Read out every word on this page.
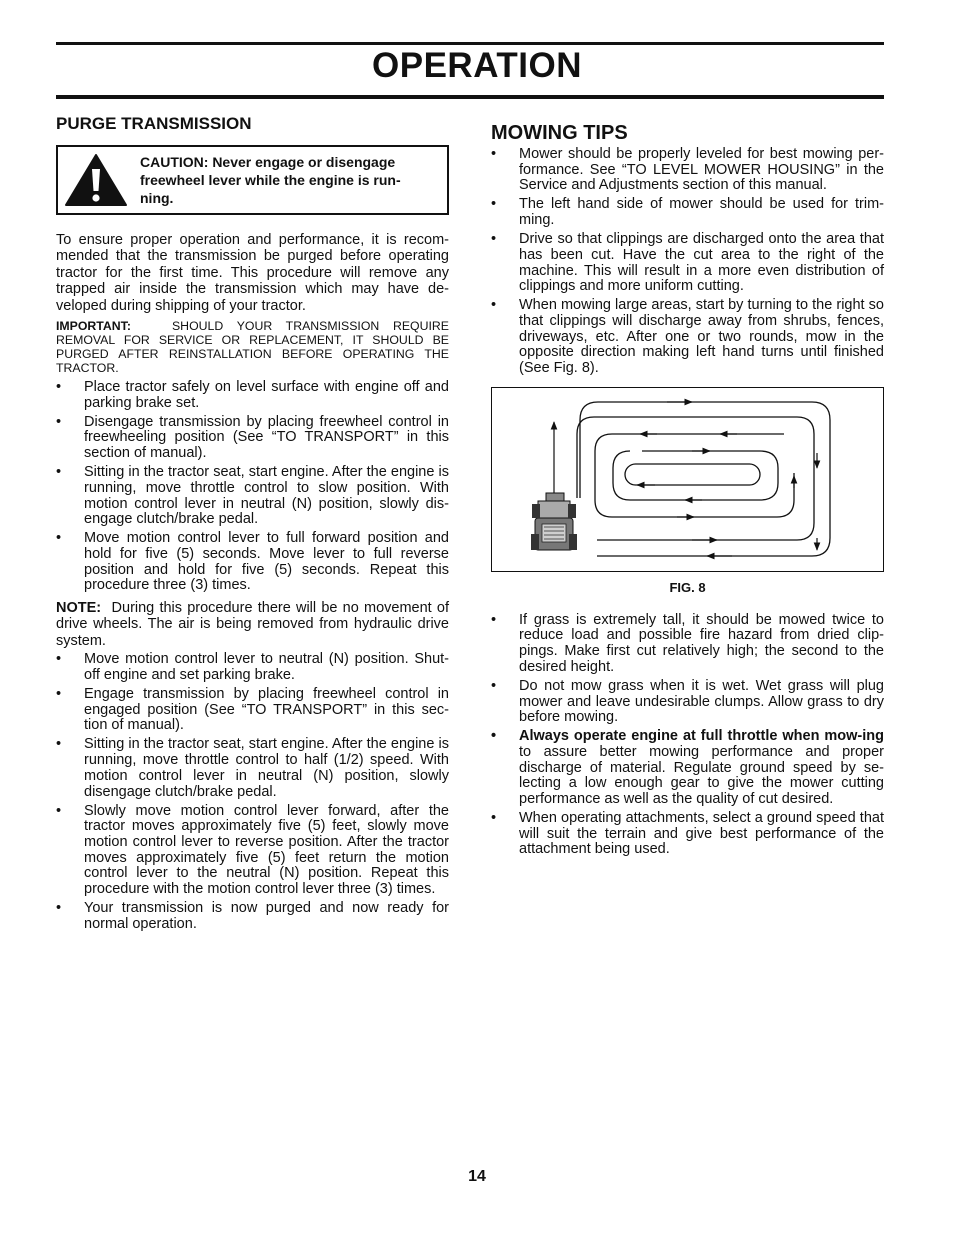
OPERATION
PURGE TRANSMISSION
CAUTION: Never engage or disengage freewheel lever while the engine is run-ning.

To ensure proper operation and performance, it is recom-mended that the transmission be purged before operating tractor for the first time. This procedure will remove any trapped air inside the transmission which may have de-veloped during shipping of your tractor.

IMPORTANT:	SHOULD YOUR TRANSMISSION REQUIRE REMOVAL FOR SERVICE OR REPLACEMENT, IT SHOULD BE PURGED AFTER REINSTALLATION BEFORE OPERATING THE TRACTOR.

• Place tractor safely on level surface with engine off and parking brake set.
• Disengage transmission by placing freewheel control in freewheeling position (See “TO TRANSPORT” in this section of manual).
• Sitting in the tractor seat, start engine. After the engine is running, move throttle control to slow position. With motion control lever in neutral (N) position, slowly dis-engage clutch/brake pedal.
• Move motion control lever to full forward position and hold for five (5) seconds. Move lever to full reverse position and hold for five (5) seconds. Repeat this procedure three (3) times.

NOTE: During this procedure there will be no movement of drive wheels. The air is being removed from hydraulic drive system.

• Move motion control lever to neutral (N) position. Shut-off engine and set parking brake.
• Engage transmission by placing freewheel control in engaged position (See “TO TRANSPORT” in this sec-tion of manual).
• Sitting in the tractor seat, start engine. After the engine is running, move throttle control to half (1/2) speed. With motion control lever in neutral (N) position, slowly disengage clutch/brake pedal.
• Slowly move motion control lever forward, after the tractor moves approximately five (5) feet, slowly move motion control lever to reverse position. After the tractor moves approximately five (5) feet return the motion control lever to the neutral (N) position. Repeat this procedure with the motion control lever three (3) times.
• Your transmission is now purged and now ready for normal operation.
MOWING TIPS
• Mower should be properly leveled for best mowing per-formance. See “TO LEVEL MOWER HOUSING” in the Service and Adjustments section of this manual.
• The left hand side of mower should be used for trim-ming.
• Drive so that clippings are discharged onto the area that has been cut. Have the cut area to the right of the machine. This will result in a more even distribution of clippings and more uniform cutting.
• When mowing large areas, start by turning to the right so that clippings will discharge away from shrubs, fences, driveways, etc. After one or two rounds, mow in the opposite direction making left hand turns until finished (See Fig. 8).
FIG. 8
• If grass is extremely tall, it should be mowed twice to reduce load and possible fire hazard from dried clip-pings. Make first cut relatively high; the second to the desired height.
• Do not mow grass when it is wet. Wet grass will plug mower and leave undesirable clumps. Allow grass to dry before mowing.
• Always operate engine at full throttle when mow-ing to assure better mowing performance and proper discharge of material. Regulate ground speed by se-lecting a low enough gear to give the mower cutting performance as well as the quality of cut desired.
• When operating attachments, select a ground speed that will suit the terrain and give best performance of the attachment being used.
14
